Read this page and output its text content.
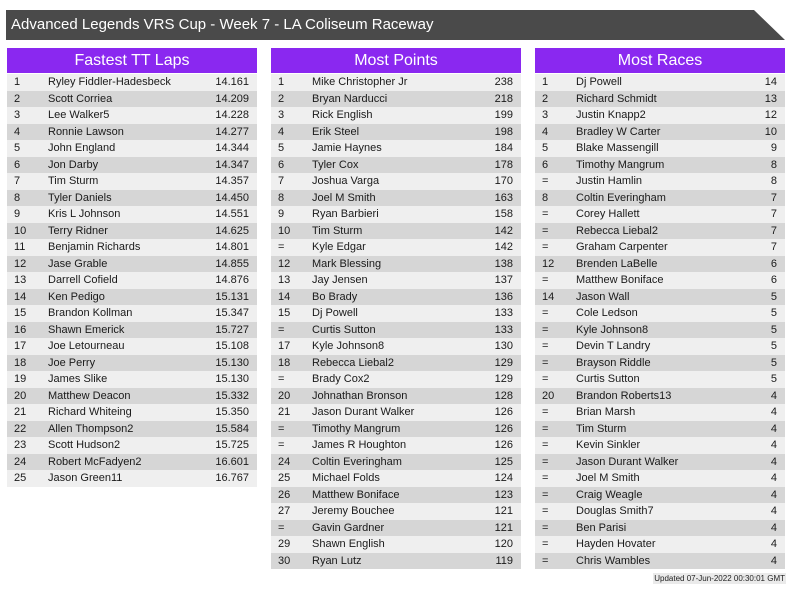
Advanced Legends VRS Cup - Week 7 - LA Coliseum Raceway
Fastest TT Laps
1	Ryley Fiddler-Hadesbeck	14.161
2	Scott Corriea	14.209
3	Lee Walker5	14.228
4	Ronnie Lawson	14.277
5	John England	14.344
6	Jon Darby	14.347
7	Tim Sturm	14.357
8	Tyler Daniels	14.450
9	Kris L Johnson	14.551
10 Terry Ridner	14.625
11 Benjamin Richards	14.801
12 Jase Grable	14.855
13 Darrell Cofield	14.876
14 Ken Pedigo	15.131
15 Brandon Kollman	15.347
16 Shawn Emerick	15.727
17 Joe Letourneau	15.108
18 Joe Perry	15.130
19 James Slike	15.130
20 Matthew Deacon	15.332
21 Richard Whiteing	15.350
22 Allen Thompson2	15.584
23 Scott Hudson2	15.725
24 Robert McFadyen2	16.601
25 Jason Green11	16.767
Most Points
1	Mike Christopher Jr	238
2	Bryan Narducci	218
3	Rick English	199
4	Erik Steel	198
5	Jamie Haynes	184
6	Tyler Cox	178
7	Joshua Varga	170
8	Joel M Smith	163
9	Ryan Barbieri	158
10 Tim Sturm	142
=	Kyle Edgar	142
12 Mark Blessing	138
13 Jay Jensen	137
14 Bo Brady	136
15 Dj Powell	133
=	Curtis Sutton	133
17 Kyle Johnson8	130
18 Rebecca Liebal2	129
=	Brady Cox2	129
20 Johnathan Bronson	128
21 Jason Durant Walker	126
=	Timothy Mangrum	126
=	James R Houghton	126
24 Coltin Everingham	125
25 Michael Folds	124
26 Matthew Boniface	123
27 Jeremy Bouchee	121
=	Gavin Gardner	121
29 Shawn English	120
30 Ryan Lutz	119
Most Races
1	Dj Powell	14
2	Richard Schmidt	13
3	Justin Knapp2	12
4	Bradley W Carter	10
5	Blake Massengill	9
6	Timothy Mangrum	8
=	Justin Hamlin	8
8	Coltin Everingham	7
=	Corey Hallett	7
=	Rebecca Liebal2	7
=	Graham Carpenter	7
12 Brenden LaBelle	6
=	Matthew Boniface	6
14 Jason Wall	5
=	Cole Ledson	5
=	Kyle Johnson8	5
=	Devin T Landry	5
=	Brayson Riddle	5
=	Curtis Sutton	5
20 Brandon Roberts13	4
=	Brian Marsh	4
=	Tim Sturm	4
=	Kevin Sinkler	4
=	Jason Durant Walker	4
=	Joel M Smith	4
=	Craig Weagle	4
=	Douglas Smith7	4
=	Ben Parisi	4
=	Hayden Hovater	4
=	Chris Wambles	4
Updated 07-Jun-2022 00:30:01 GMT
